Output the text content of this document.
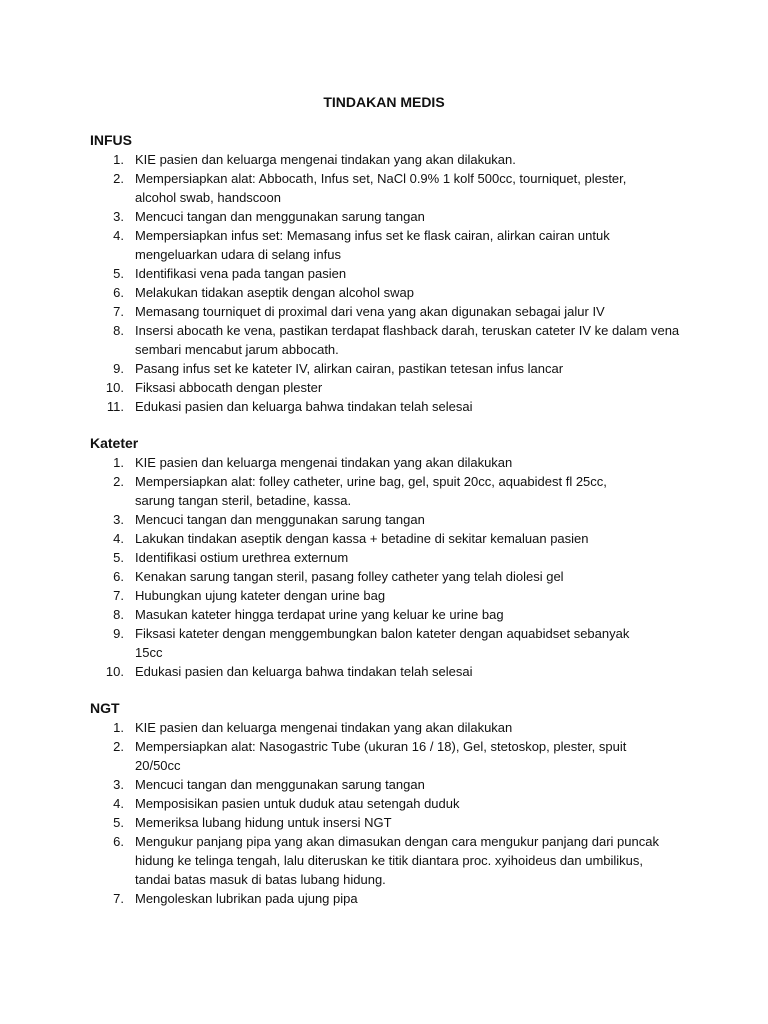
TINDAKAN MEDIS
INFUS
1. KIE pasien dan keluarga mengenai tindakan yang akan dilakukan.
2. Mempersiapkan alat: Abbocath, Infus set, NaCl 0.9% 1 kolf 500cc, tourniquet, plester, alcohol swab, handscoon
3. Mencuci tangan dan menggunakan sarung tangan
4. Mempersiapkan infus set: Memasang infus set ke flask cairan, alirkan cairan untuk mengeluarkan udara di selang infus
5. Identifikasi vena pada tangan pasien
6. Melakukan tidakan aseptik dengan alcohol swap
7. Memasang tourniquet di proximal dari vena yang akan digunakan sebagai jalur IV
8. Insersi abocath ke vena, pastikan terdapat flashback darah, teruskan cateter IV ke dalam vena sembari mencabut jarum abbocath.
9. Pasang infus set ke kateter IV, alirkan cairan, pastikan tetesan infus lancar
10. Fiksasi abbocath dengan plester
11. Edukasi pasien dan keluarga bahwa tindakan telah selesai
Kateter
1. KIE pasien dan keluarga mengenai tindakan yang akan dilakukan
2. Mempersiapkan alat: folley catheter, urine bag, gel, spuit 20cc, aquabidest fl 25cc, sarung tangan steril, betadine, kassa.
3. Mencuci tangan dan menggunakan sarung tangan
4. Lakukan tindakan aseptik dengan kassa + betadine di sekitar kemaluan pasien
5. Identifikasi ostium urethrea externum
6. Kenakan sarung tangan steril, pasang folley catheter yang telah diolesi gel
7. Hubungkan ujung kateter dengan urine bag
8. Masukan kateter hingga terdapat urine yang keluar ke urine bag
9. Fiksasi kateter dengan menggembungkan balon kateter dengan aquabidset sebanyak 15cc
10. Edukasi pasien dan keluarga bahwa tindakan telah selesai
NGT
1. KIE pasien dan keluarga mengenai tindakan yang akan dilakukan
2. Mempersiapkan alat: Nasogastric Tube (ukuran 16 / 18), Gel, stetoskop, plester, spuit 20/50cc
3. Mencuci tangan dan menggunakan sarung tangan
4. Memposisikan pasien untuk duduk atau setengah duduk
5. Memeriksa lubang hidung untuk insersi NGT
6. Mengukur panjang pipa yang akan dimasukan dengan cara mengukur panjang dari puncak hidung ke telinga tengah, lalu diteruskan ke titik diantara proc. xyihoideus dan umbilikus, tandai batas masuk di batas lubang hidung.
7. Mengoleskan lubrikan pada ujung pipa
